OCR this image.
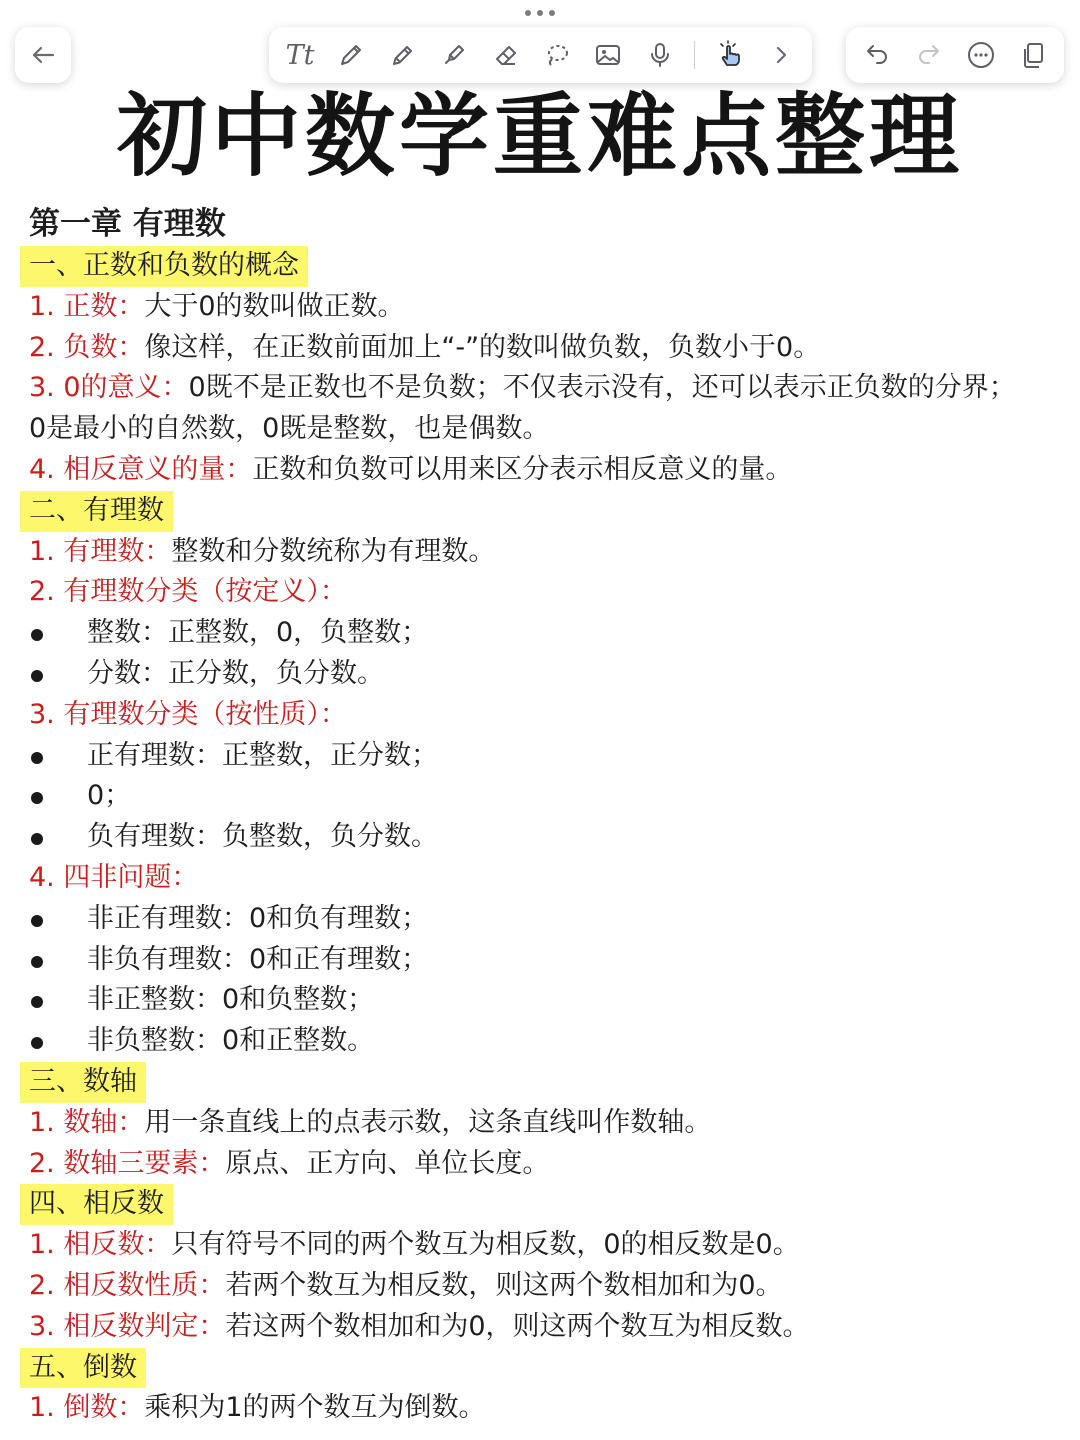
Tt
初中数学重难点整理

第一章 有理数

一、正数和负数的概念

1. 正数：大于0的数叫做正数。

2. 负数：像这样，在正数前面加上“-”的数叫做负数，负数小于0。

3. 0的意义：0既不是正数也不是负数；不仅表示没有，还可以表示正负数的分界；0是最小的自然数，0既是整数，也是偶数。

4. 相反意义的量：正数和负数可以用来区分表示相反意义的量。

二、有理数

1. 有理数：整数和分数统称为有理数。

2. 有理数分类（按定义）：

整数：正整数，0，负整数；

分数：正分数，负分数。

3. 有理数分类（按性质）：

正有理数：正整数，正分数；

0；

负有理数：负整数，负分数。

4. 四非问题：

非正有理数：0和负有理数；

非负有理数：0和正有理数；

非正整数：0和负整数；

非负整数：0和正整数。

三、数轴

1. 数轴：用一条直线上的点表示数，这条直线叫作数轴。

2. 数轴三要素：原点、正方向、单位长度。

四、相反数

1. 相反数：只有符号不同的两个数互为相反数，0的相反数是0。

2. 相反数性质：若两个数互为相反数，则这两个数相加和为0。

3. 相反数判定：若这两个数相加和为0，则这两个数互为相反数。

五、倒数

1. 倒数：乘积为1的两个数互为倒数。
